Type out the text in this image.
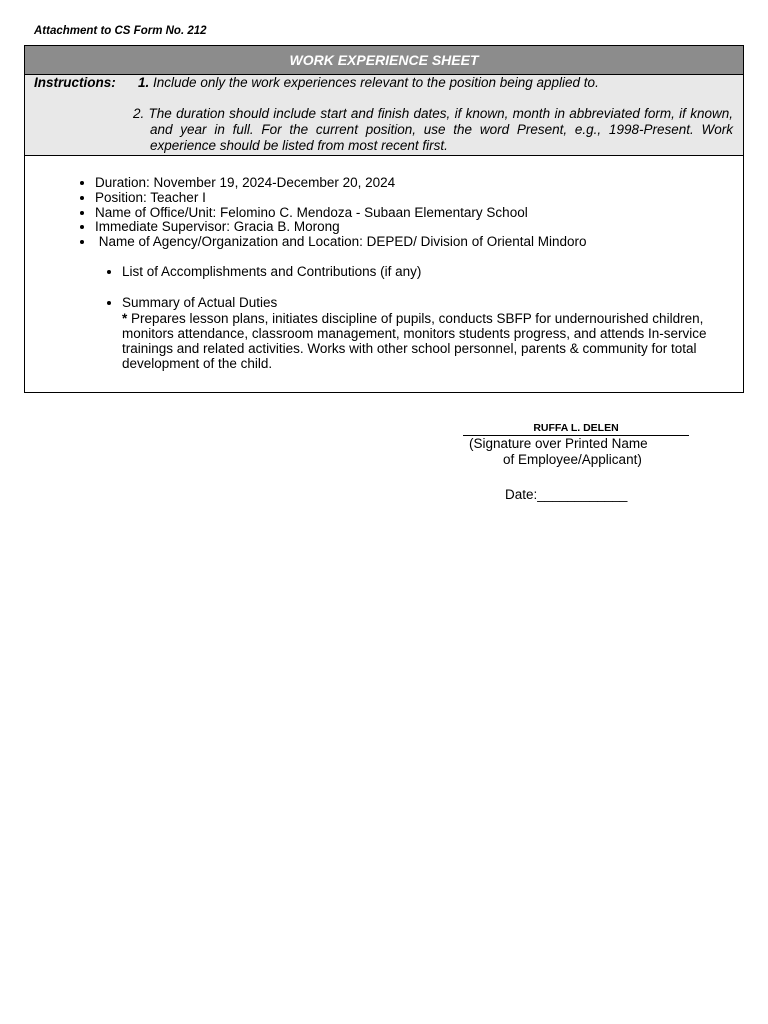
Attachment to CS Form No. 212
WORK EXPERIENCE SHEET
Instructions: 1. Include only the work experiences relevant to the position being applied to.
2. The duration should include start and finish dates, if known, month in abbreviated form, if known, and year in full. For the current position, use the word Present, e.g., 1998-Present. Work experience should be listed from most recent first.
• Duration: November 19, 2024-December 20, 2024
• Position: Teacher I
• Name of Office/Unit: Felomino C. Mendoza - Subaan Elementary School
• Immediate Supervisor: Gracia B. Morong
•  Name of Agency/Organization and Location: DEPED/ Division of Oriental Mindoro
• List of Accomplishments and Contributions (if any)
• Summary of Actual Duties
* Prepares lesson plans, initiates discipline of pupils, conducts SBFP for undernourished children, monitors attendance, classroom management, monitors students progress, and attends In-service trainings and related activities. Works with other school personnel, parents & community for total development of the child.
RUFFA L. DELEN
(Signature over Printed Name
of Employee/Applicant)
Date:____________
